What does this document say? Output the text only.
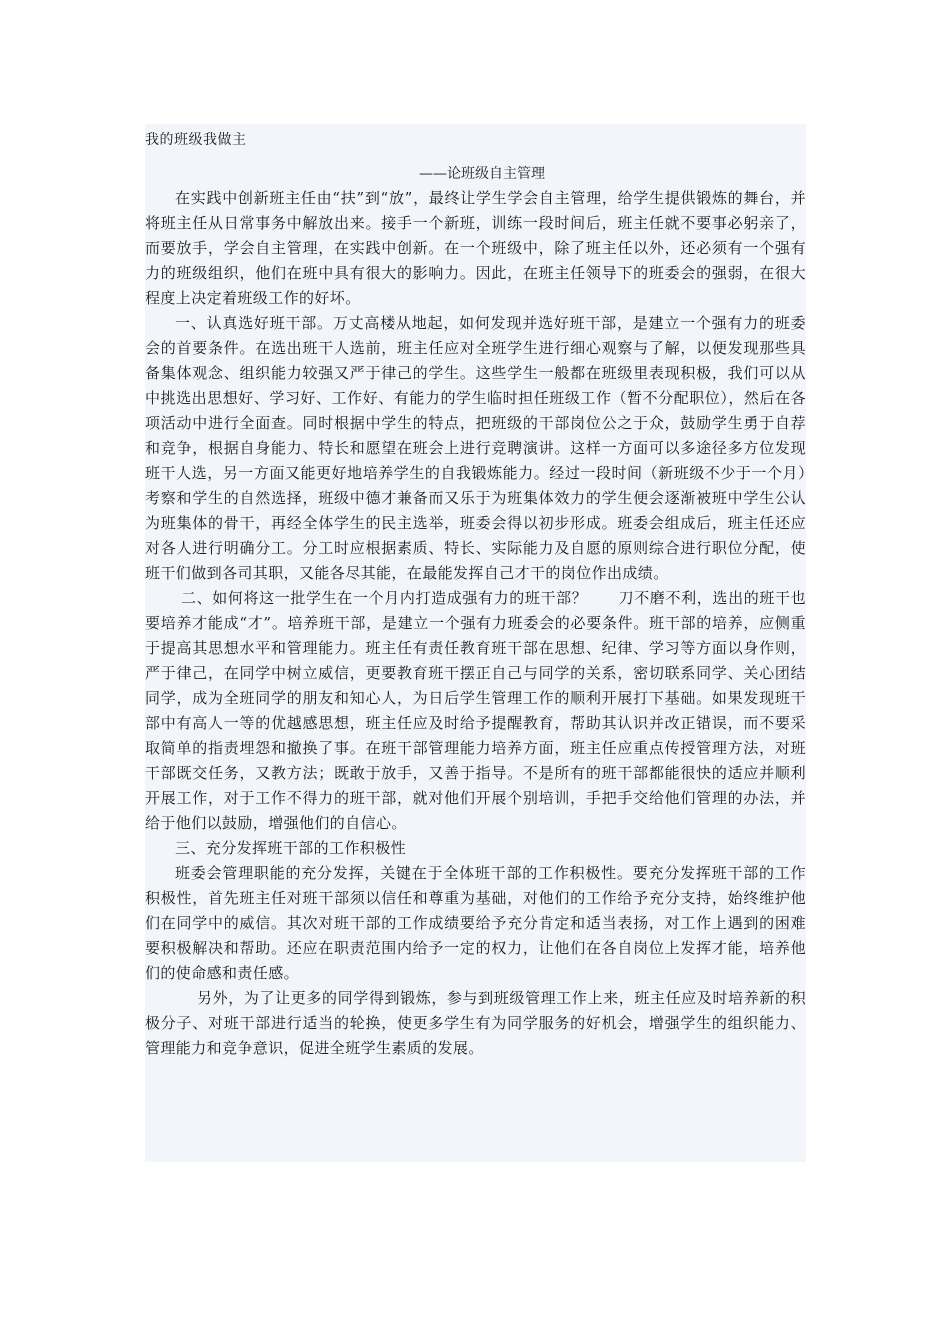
我的班级我做主
——论班级自主管理

在实践中创新班主任由“扶”到“放”，最终让学生学会自主管理，给学生提供锻炼的舞台，并将班主任从日常事务中解放出来。接手一个新班，训练一段时间后，班主任就不要事必躬亲了，而要放手，学会自主管理，在实践中创新。在一个班级中，除了班主任以外，还必须有一个强有力的班级组织，他们在班中具有很大的影响力。因此，在班主任领导下的班委会的强弱，在很大程度上决定着班级工作的好坏。

一、认真选好班干部。万丈高楼从地起，如何发现并选好班干部，是建立一个强有力的班委会的首要条件。在选出班干人选前，班主任应对全班学生进行细心观察与了解，以便发现那些具备集体观念、组织能力较强又严于律己的学生。这些学生一般都在班级里表现积极，我们可以从中挑选出思想好、学习好、工作好、有能力的学生临时担任班级工作（暂不分配职位），然后在各项活动中进行全面查。同时根据中学生的特点，把班级的干部岗位公之于众，鼓励学生勇于自荐和竞争，根据自身能力、特长和愿望在班会上进行竞聘演讲。这样一方面可以多途径多方位发现班干人选，另一方面又能更好地培养学生的自我锻炼能力。经过一段时间（新班级不少于一个月）考察和学生的自然选择，班级中德才兼备而又乐于为班集体效力的学生便会逐渐被班中学生公认为班集体的骨干，再经全体学生的民主选举，班委会得以初步形成。班委会组成后，班主任还应对各人进行明确分工。分工时应根据素质、特长、实际能力及自愿的原则综合进行职位分配，使班干们做到各司其职，又能各尽其能，在最能发挥自己才干的岗位作出成绩。

二、如何将这一批学生在一个月内打造成强有力的班干部？　　刀不磨不利，选出的班干也要培养才能成“才”。培养班干部，是建立一个强有力班委会的必要条件。班干部的培养，应侧重于提高其思想水平和管理能力。班主任有责任教育班干部在思想、纪律、学习等方面以身作则，严于律己，在同学中树立威信，更要教育班干摆正自己与同学的关系，密切联系同学、关心团结同学，成为全班同学的朋友和知心人，为日后学生管理工作的顺利开展打下基础。如果发现班干部中有高人一等的优越感思想，班主任应及时给予提醒教育，帮助其认识并改正错误，而不要采取简单的指责埋怨和撤换了事。在班干部管理能力培养方面，班主任应重点传授管理方法，对班干部既交任务，又教方法；既敢于放手，又善于指导。不是所有的班干部都能很快的适应并顺利开展工作，对于工作不得力的班干部，就对他们开展个别培训，手把手交给他们管理的办法，并给于他们以鼓励，增强他们的自信心。

三、充分发挥班干部的工作积极性

班委会管理职能的充分发挥，关键在于全体班干部的工作积极性。要充分发挥班干部的工作积极性，首先班主任对班干部须以信任和尊重为基础，对他们的工作给予充分支持，始终维护他们在同学中的威信。其次对班干部的工作成绩要给予充分肯定和适当表扬，对工作上遇到的困难要积极解决和帮助。还应在职责范围内给予一定的权力，让他们在各自岗位上发挥才能，培养他们的使命感和责任感。

另外，为了让更多的同学得到锻炼，参与到班级管理工作上来，班主任应及时培养新的积极分子、对班干部进行适当的轮换，使更多学生有为同学服务的好机会，增强学生的组织能力、管理能力和竞争意识，促进全班学生素质的发展。
